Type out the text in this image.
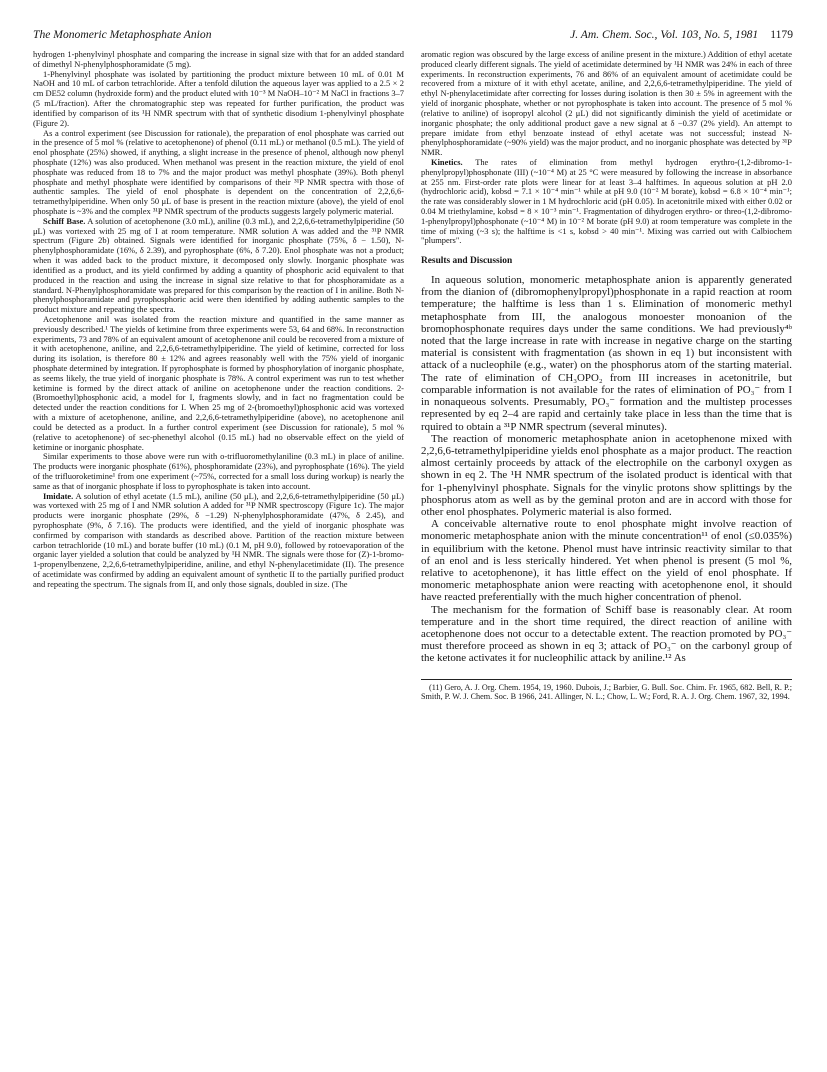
The Monomeric Metaphosphate Anion	J. Am. Chem. Soc., Vol. 103, No. 5, 1981 1179

hydrogen 1-phenylvinyl phosphate and comparing the increase in signal size with that for an added standard of dimethyl N-phenylphosphoramidate (5 mg).

1-Phenylvinyl phosphate was isolated by partitioning the product mixture between 10 mL of 0.01 M NaOH and 10 mL of carbon tetrachloride. After a tenfold dilution the aqueous layer was applied to a 2.5 × 2 cm DE52 column (hydroxide form) and the product eluted with 10⁻³ M NaOH–10⁻² M NaCl in fractions 3–7 (5 mL/fraction). After the chromatographic step was repeated for further purification, the product was identified by comparison of its ¹H NMR spectrum with that of synthetic disodium 1-phenylvinyl phosphate (Figure 2).

As a control experiment (see Discussion for rationale), the preparation of enol phosphate was carried out in the presence of 5 mol % (relative to acetophenone) of phenol (0.11 mL) or methanol (0.5 mL). The yield of enol phosphate (25%) showed, if anything, a slight increase in the presence of phenol, although now phenyl phosphate (12%) was also produced. When methanol was present in the reaction mixture, the yield of enol phosphate was reduced from 18 to 7% and the major product was methyl phosphate (39%). Both phenyl phosphate and methyl phosphate were identified by comparisons of their ³¹P NMR spectra with those of authentic samples. The yield of enol phosphate is dependent on the concentration of 2,2,6,6-tetramethylpiperidine. When only 50 μL of base is present in the reaction mixture (above), the yield of enol phosphate is ~3% and the complex ³¹P NMR spectrum of the products suggests largely polymeric material.

Schiff Base. A solution of acetophenone (3.0 mL), aniline (0.3 mL), and 2,2,6,6-tetramethylpiperidine (50 μL) was vortexed with 25 mg of I at room temperature. NMR solution A was added and the ³¹P NMR spectrum (Figure 2b) obtained. Signals were identified for inorganic phosphate (75%, δ − 1.50), N-phenylphosphoramidate (16%, δ 2.39), and pyrophosphate (6%, δ 7.20). Enol phosphate was not a product; when it was added back to the product mixture, it decomposed only slowly. Inorganic phosphate was identified as a product, and its yield confirmed by adding a quantity of phosphoric acid equivalent to that produced in the reaction and using the increase in signal size relative to that for phosphoramidate as a standard. N-Phenylphosphoramidate was prepared for this comparison by the reaction of I in aniline. Both N-phenylphosphoramidate and pyrophosphoric acid were then identified by adding authentic samples to the product mixture and repeating the spectra.

Acetophenone anil was isolated from the reaction mixture and quantified in the same manner as previously described.¹ The yields of ketimine from three experiments were 53, 64 and 68%. In reconstruction experiments, 73 and 78% of an equivalent amount of acetophenone anil could be recovered from a mixture of it with acetophenone, aniline, and 2,2,6,6-tetramethylpiperidine. The yield of ketimine, corrected for loss during its isolation, is therefore 80 ± 12% and agrees reasonably well with the 75% yield of inorganic phosphate determined by integration. If pyrophosphate is formed by phosphorylation of inorganic phosphate, as seems likely, the true yield of inorganic phosphate is 78%. A control experiment was run to test whether ketimine is formed by the direct attack of aniline on acetophenone under the reaction conditions. 2-(Bromoethyl)phosphonic acid, a model for I, fragments slowly, and in fact no fragmentation could be detected under the reaction conditions for I. When 25 mg of 2-(bromoethyl)phosphonic acid was vortexed with a mixture of acetophenone, aniline, and 2,2,6,6-tetramethylpiperidine (above), no acetophenone anil could be detected as a product. In a further control experiment (see Discussion for rationale), 5 mol % (relative to acetophenone) of sec-phenethyl alcohol (0.15 mL) had no observable effect on the yield of ketimine or inorganic phosphate.

Similar experiments to those above were run with o-trifluoromethylaniline (0.3 mL) in place of aniline. The products were inorganic phosphate (61%), phosphoramidate (23%), and pyrophosphate (16%). The yield of the trifluoroketimine¹ from one experiment (~75%, corrected for a small loss during workup) is nearly the same as that of inorganic phosphate if loss to pyrophosphate is taken into account.

Imidate. A solution of ethyl acetate (1.5 mL), aniline (50 μL), and 2,2,6,6-tetramethylpiperidine (50 μL) was vortexed with 25 mg of I and NMR solution A added for ³¹P NMR spectroscopy (Figure 1c). The major products were inorganic phosphate (29%, δ −1.29) N-phenylphosphoramidate (47%, δ 2.45), and pyrophosphate (9%, δ 7.16). The products were identified, and the yield of inorganic phosphate was confirmed by comparison with standards as described above. Partition of the reaction mixture between carbon tetrachloride (10 mL) and borate buffer (10 mL) (0.1 M, pH 9.0), followed by rotoevaporation of the organic layer yielded a solution that could be analyzed by ¹H NMR. The signals were those for (Z)-1-bromo-1-propenylbenzene, 2,2,6,6-tetramethylpiperidine, aniline, and ethyl N-phenylacetimidate (II). The presence of acetimidate was confirmed by adding an equivalent amount of synthetic II to the partially purified product and repeating the spectrum. The signals from II, and only those signals, doubled in size. (The

aromatic region was obscured by the large excess of aniline present in the mixture.) Addition of ethyl acetate produced clearly different signals. The yield of acetimidate determined by ¹H NMR was 24% in each of three experiments. In reconstruction experiments, 76 and 86% of an equivalent amount of acetimidate could be recovered from a mixture of it with ethyl acetate, aniline, and 2,2,6,6-tetramethylpiperidine. The yield of ethyl N-phenylacetimidate after correcting for losses during isolation is then 30 ± 5% in agreement with the yield of inorganic phosphate, whether or not pyrophosphate is taken into account. The presence of 5 mol % (relative to aniline) of isopropyl alcohol (2 μL) did not significantly diminish the yield of acetimidate or inorganic phosphate; the only additional product gave a new signal at δ −0.37 (2% yield). An attempt to prepare imidate from ethyl benzoate instead of ethyl acetate was not successful; instead N-phenylphosphoramidate (~90% yield) was the major product, and no inorganic phosphate was detected by ³¹P NMR.

Kinetics. The rates of elimination from methyl hydrogen erythro-(1,2-dibromo-1-phenylpropyl)phosphonate (III) (~10⁻⁴ M) at 25 °C were measured by following the increase in absorbance at 255 nm. First-order rate plots were linear for at least 3–4 halftimes. In aqueous solution at pH 2.0 (hydrochloric acid), kobsd = 7.1 × 10⁻⁴ min⁻¹ while at pH 9.0 (10⁻² M borate), kobsd = 6.8 × 10⁻⁴ min⁻¹; the rate was considerably slower in 1 M hydrochloric acid (pH 0.05). In acetonitrile mixed with either 0.02 or 0.04 M triethylamine, kobsd = 8 × 10⁻³ min⁻¹. Fragmentation of dihydrogen erythro- or threo-(1,2-dibromo-1-phenylpropyl)phosphonate (~10⁻⁴ M) in 10⁻² M borate (pH 9.0) at room temperature was complete in the time of mixing (~3 s); the halftime is <1 s, kobsd > 40 min⁻¹. Mixing was carried out with Calbiochem "plumpers".

Results and Discussion

In aqueous solution, monomeric metaphosphate anion is apparently generated from the dianion of (dibromophenylpropyl)phosphonate in a rapid reaction at room temperature; the halftime is less than 1 s. Elimination of monomeric methyl metaphosphate from III, the analogous monoester monoanion of the bromophosphonate requires days under the same conditions. We had previously⁴ᵇ noted that the large increase in rate with increase in negative charge on the starting material is consistent with fragmentation (as shown in eq 1) but inconsistent with attack of a nucleophile (e.g., water) on the phosphorus atom of the starting material. The rate of elimination of CH₃OPO₂ from III increases in acetonitrile, but comparable information is not available for the rates of elimination of PO₃⁻ from I in nonaqueous solvents. Presumably, PO₃⁻ formation and the multistep processes represented by eq 2–4 are rapid and certainly take place in less than the time that is rquired to obtain a ³¹P NMR spectrum (several minutes).

The reaction of monomeric metaphosphate anion in acetophenone mixed with 2,2,6,6-tetramethylpiperidine yields enol phosphate as a major product. The reaction almost certainly proceeds by attack of the electrophile on the carbonyl oxygen as shown in eq 2. The ¹H NMR spectrum of the isolated product is identical with that for 1-phenylvinyl phosphate. Signals for the vinylic protons show splittings by the phosphorus atom as well as by the geminal proton and are in accord with those for other enol phosphates. Polymeric material is also formed.

A conceivable alternative route to enol phosphate might involve reaction of monomeric metaphosphate anion with the minute concentration¹¹ of enol (≤0.035%) in equilibrium with the ketone. Phenol must have intrinsic reactivity similar to that of an enol and is less sterically hindered. Yet when phenol is present (5 mol %, relative to acetophenone), it has little effect on the yield of enol phosphate. If monomeric metaphosphate anion were reacting with acetophenone enol, it should have reacted preferentially with the much higher concentration of phenol.

The mechanism for the formation of Schiff base is reasonably clear. At room temperature and in the short time required, the direct reaction of aniline with acetophenone does not occur to a detectable extent. The reaction promoted by PO₃⁻ must therefore proceed as shown in eq 3; attack of PO₃⁻ on the carbonyl group of the ketone activates it for nucleophilic attack by aniline.¹² As

(11) Gero, A. J. Org. Chem. 1954, 19, 1960. Dubois, J.; Barbier, G. Bull. Soc. Chim. Fr. 1965, 682. Bell, R. P.; Smith, P. W. J. Chem. Soc. B 1966, 241. Allinger, N. L.; Chow, L. W.; Ford, R. A. J. Org. Chem. 1967, 32, 1994.
